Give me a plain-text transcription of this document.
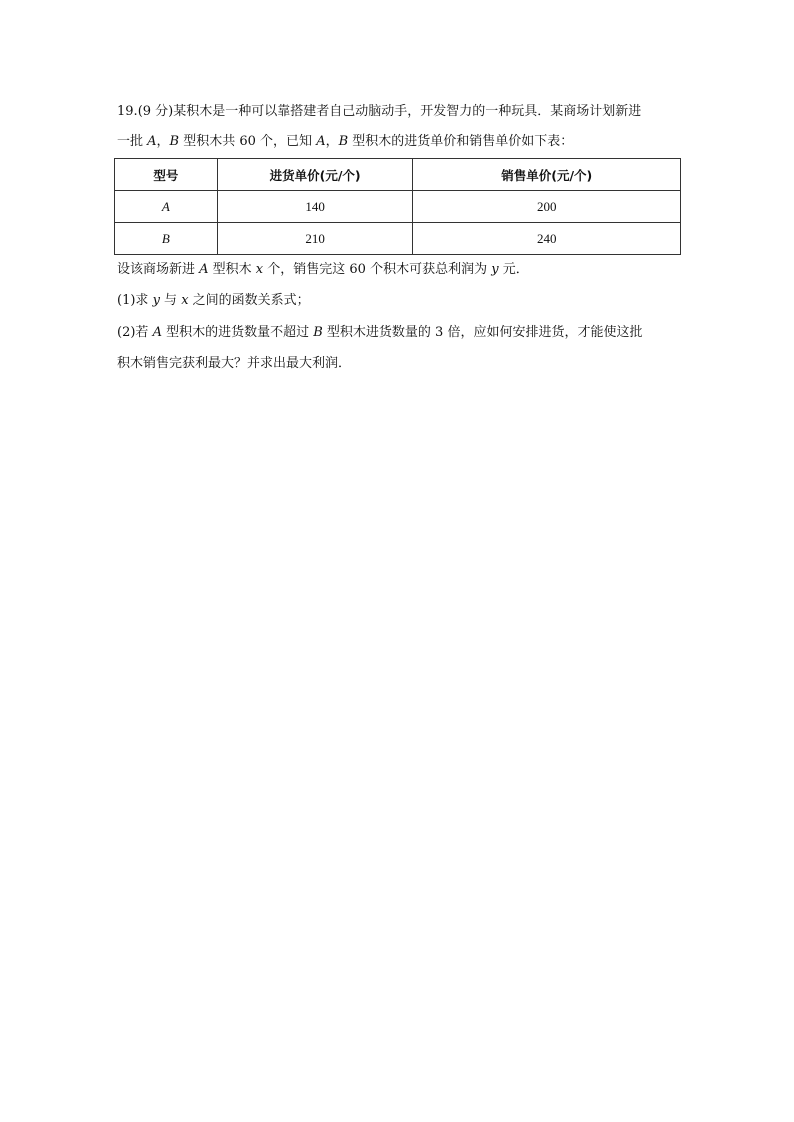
19.(9 分)某积木是一种可以靠搭建者自己动脑动手，开发智力的一种玩具．某商场计划新进
一批 A，B 型积木共 60 个，已知 A，B 型积木的进货单价和销售单价如下表：
型号	进货单价(元/个)	销售单价(元/个)
A	140	200
B	210	240
设该商场新进 A 型积木 x 个，销售完这 60 个积木可获总利润为 y 元．
(1)求 y 与 x 之间的函数关系式；
(2)若 A 型积木的进货数量不超过 B 型积木进货数量的 3 倍，应如何安排进货，才能使这批
积木销售完获利最大？并求出最大利润．
